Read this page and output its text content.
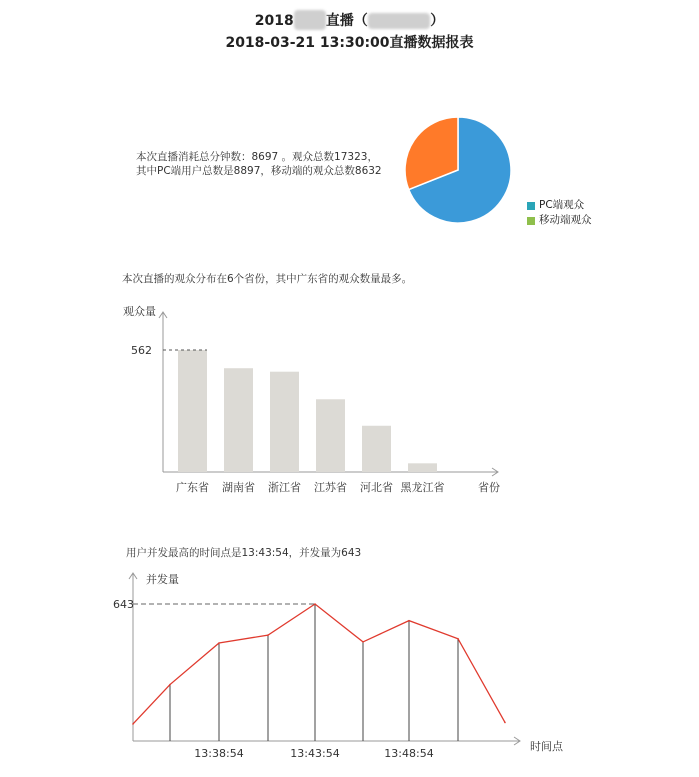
2018 直播（	）
2018-03-21 13:30:00直播数据报表
本次直播消耗总分钟数：8697 。观众总数17323，
其中PC端用户总数是8897，移动端的观众总数8632
PC端观众
移动端观众
本次直播的观众分布在6个省份，其中广东省的观众数量最多。
用户并发最高的时间点是13:43:54，并发量为643
观众量
省份
广东省 湖南省 浙江省 江苏省 河北省 黑龙江省
562
并发量
时间点
643
13:38:54	13:43:54	13:48:54
